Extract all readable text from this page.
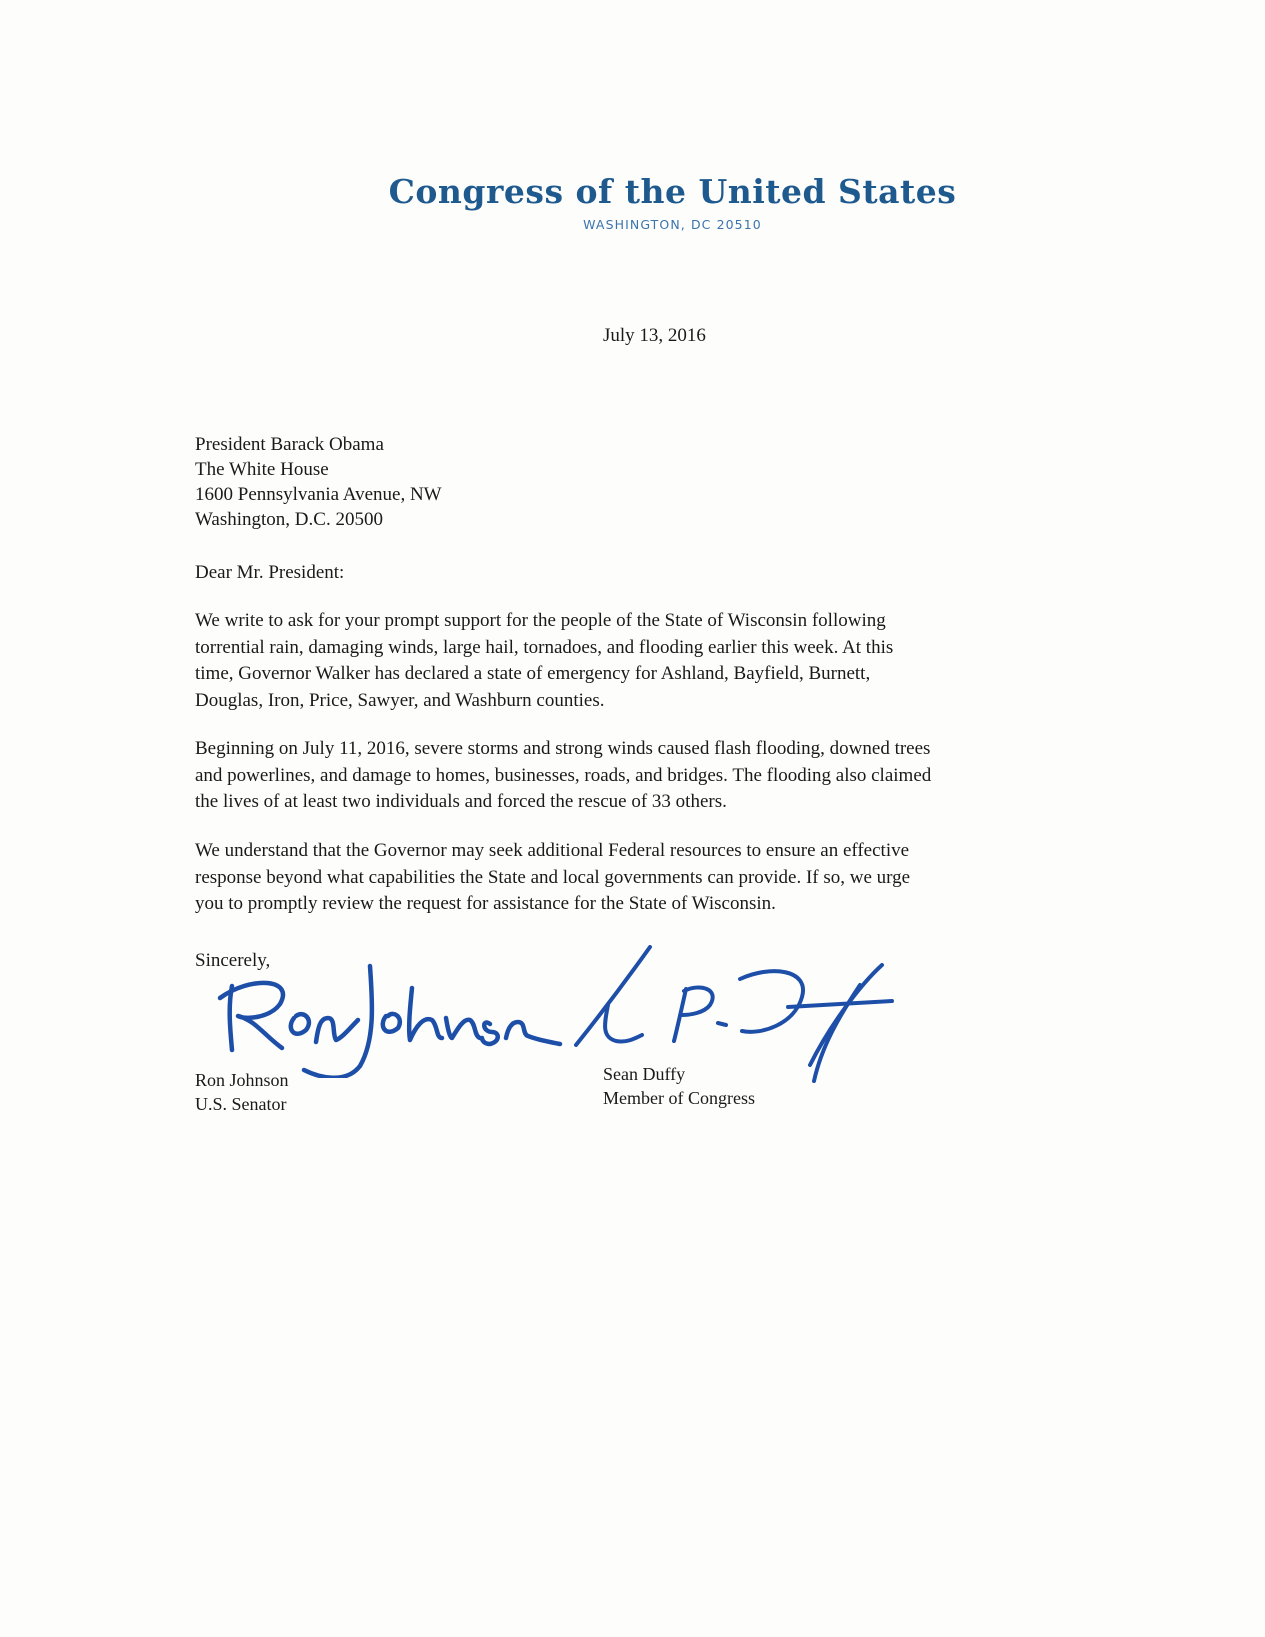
Congress of the United States
WASHINGTON, DC 20510
July 13, 2016
President Barack Obama
The White House
1600 Pennsylvania Avenue, NW
Washington, D.C. 20500
Dear Mr. President:
We write to ask for your prompt support for the people of the State of Wisconsin following
torrential rain, damaging winds, large hail, tornadoes, and flooding earlier this week. At this
time, Governor Walker has declared a state of emergency for Ashland, Bayfield, Burnett,
Douglas, Iron, Price, Sawyer, and Washburn counties.
Beginning on July 11, 2016, severe storms and strong winds caused flash flooding, downed trees
and powerlines, and damage to homes, businesses, roads, and bridges. The flooding also claimed
the lives of at least two individuals and forced the rescue of 33 others.
We understand that the Governor may seek additional Federal resources to ensure an effective
response beyond what capabilities the State and local governments can provide. If so, we urge
you to promptly review the request for assistance for the State of Wisconsin.
Sincerely,
Ron Johnson
U.S. Senator
Sean Duffy
Member of Congress
